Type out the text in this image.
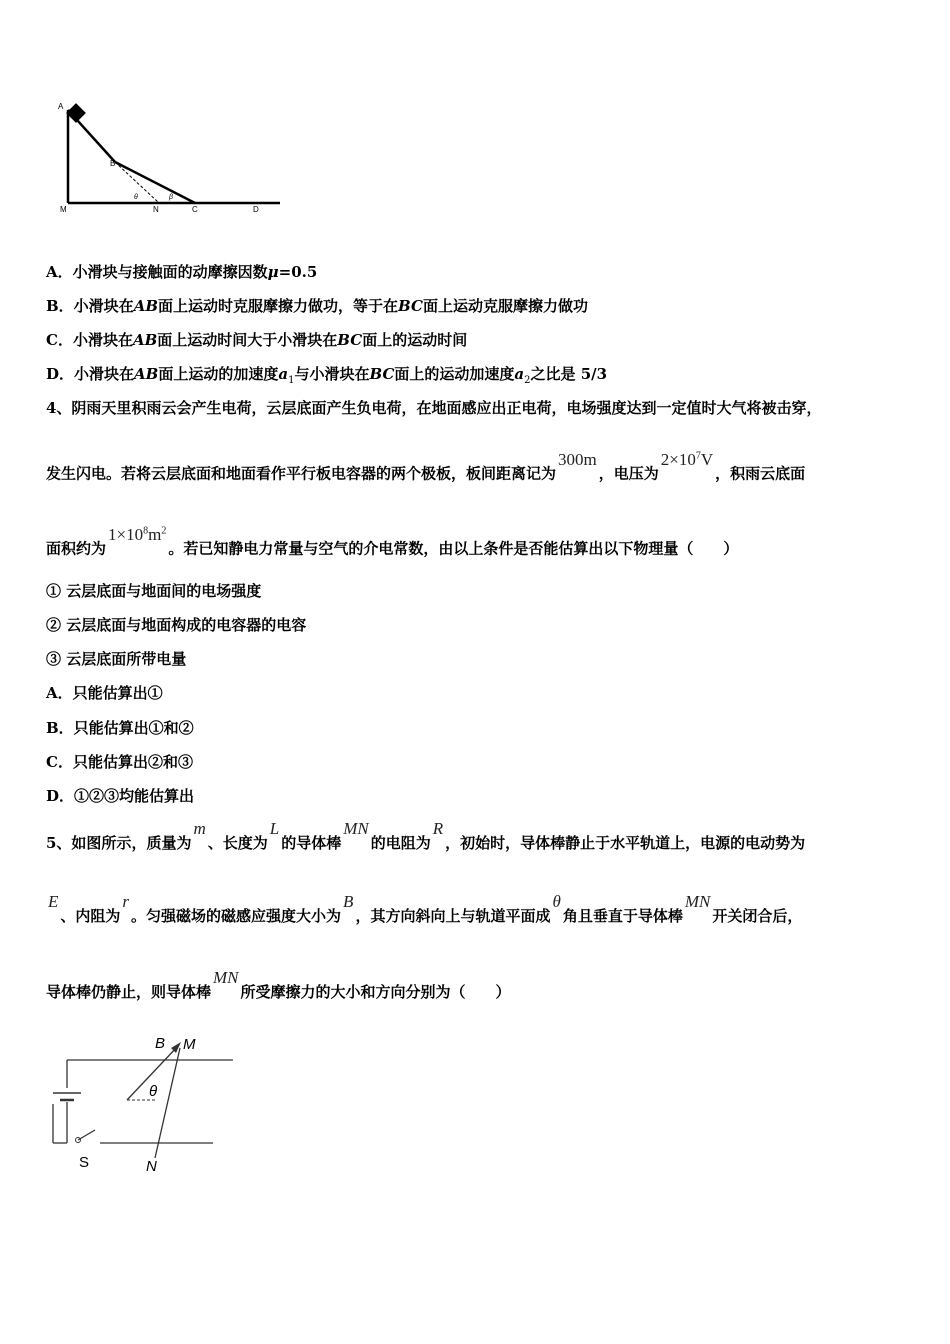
A
B
M	N	C	D
θ	β
A．小滑块与接触面的动摩擦因数μ=0.5
B．小滑块在AB面上运动时克服摩擦力做功，等于在BC面上运动克服摩擦力做功
C．小滑块在AB面上运动时间大于小滑块在BC面上的运动时间
D．小滑块在AB面上运动的加速度$a_1$与小滑块在BC面上的运动加速度$a_2$之比是 5/3
4、阴雨天里积雨云会产生电荷，云层底面产生负电荷，在地面感应出正电荷，电场强度达到一定值时大气将被击穿，
发生闪电。若将云层底面和地面看作平行板电容器的两个极板，板间距离记为300m，电压为$2\times 10^7V$，积雨云底面
面积约为$1\times 10^8m^2$。若已知静电力常量与空气的介电常数，由以上条件是否能估算出以下物理量（　　）
① 云层底面与地面间的电场强度
② 云层底面与地面构成的电容器的电容
③ 云层底面所带电量
A．只能估算出①
B．只能估算出①和②
C．只能估算出②和③
D．①②③均能估算出
5、如图所示，质量为m、长度为L的导体棒MN的电阻为R，初始时，导体棒静止于水平轨道上，电源的电动势为
E、内阻为r。匀强磁场的磁感应强度大小为B，其方向斜向上与轨道平面成θ角且垂直于导体棒MN开关闭合后，
导体棒仍静止，则导体棒MN所受摩擦力的大小和方向分别为（　　）
B M
θ
S	N
